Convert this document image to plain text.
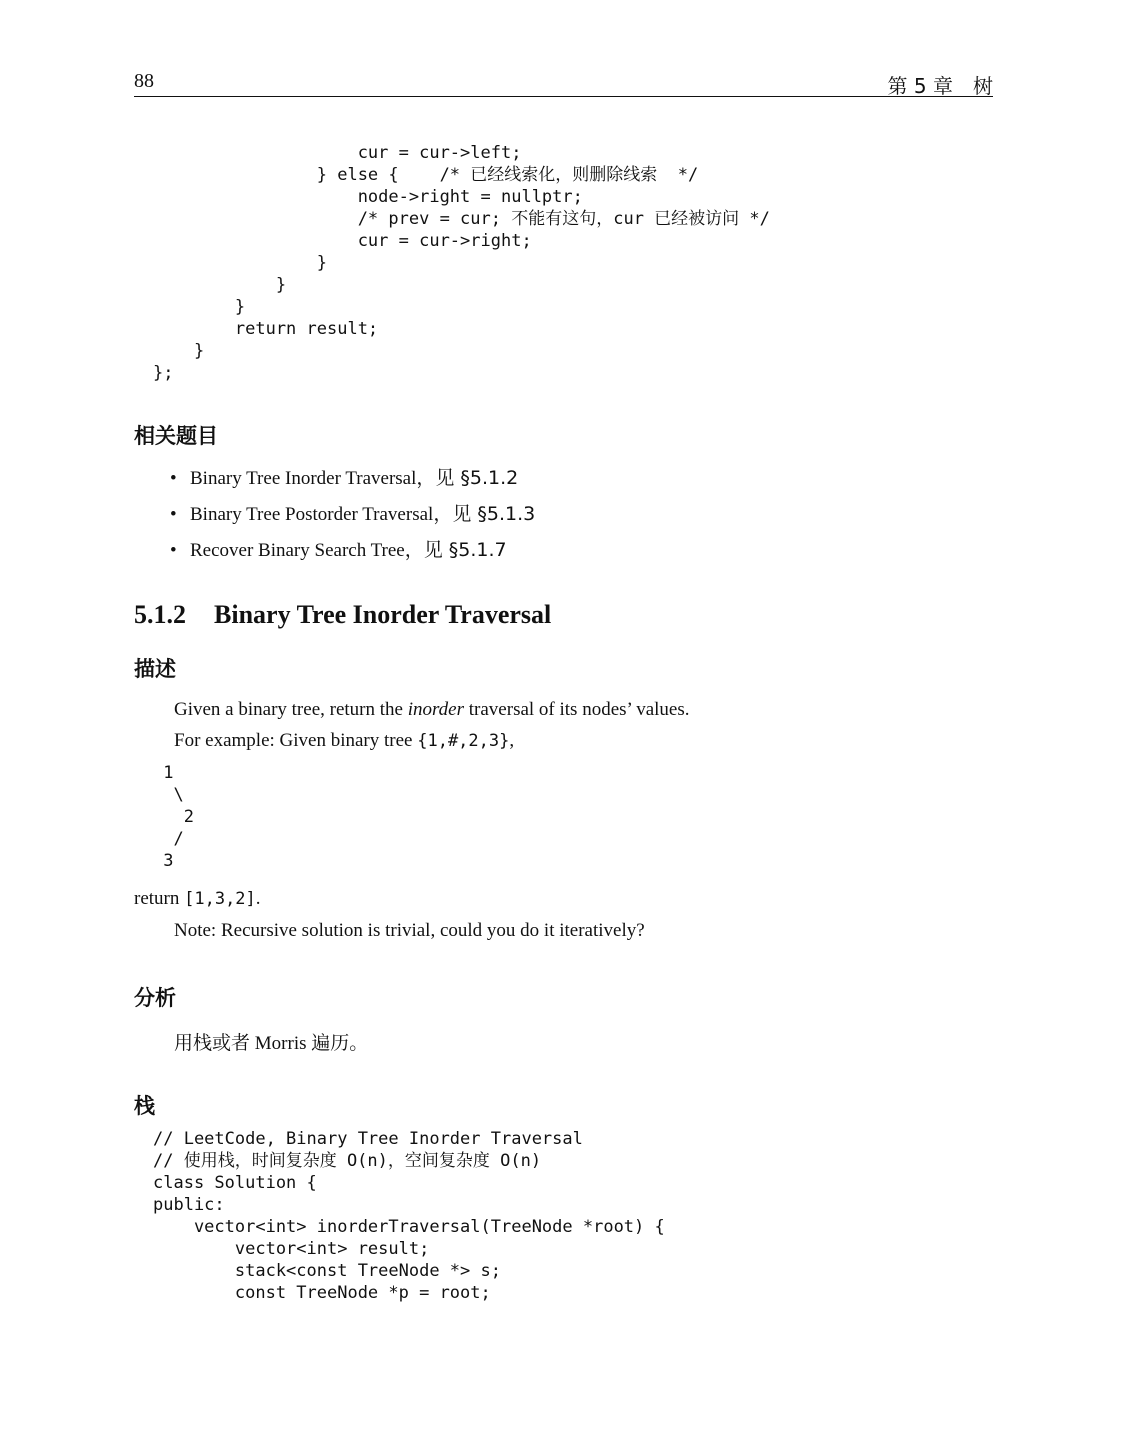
88	第 5 章　树
cur = cur->left;
} else {    /* 已经线索化，则删除线索  */
node->right = nullptr;
/* prev = cur; 不能有这句，cur 已经被访问 */
cur = cur->right;
}
}
}
return result;
}
};
相关题目
• Binary Tree Inorder Traversal，见 §5.1.2
• Binary Tree Postorder Traversal，见 §5.1.3
• Recover Binary Search Tree，见 §5.1.7
5.1.2 Binary Tree Inorder Traversal
描述

Given a binary tree, return the inorder traversal of its nodes’ values.

For example: Given binary tree {1,#,2,3},

1
\
2
/
3

return [1,3,2].

Note: Recursive solution is trivial, could you do it iteratively?

分析

用栈或者 Morris 遍历。

栈
// LeetCode, Binary Tree Inorder Traversal
// 使用栈，时间复杂度 O(n)，空间复杂度 O(n)
class Solution {
public:
vector<int> inorderTraversal(TreeNode *root) {
vector<int> result;
stack<const TreeNode *> s;
const TreeNode *p = root;
